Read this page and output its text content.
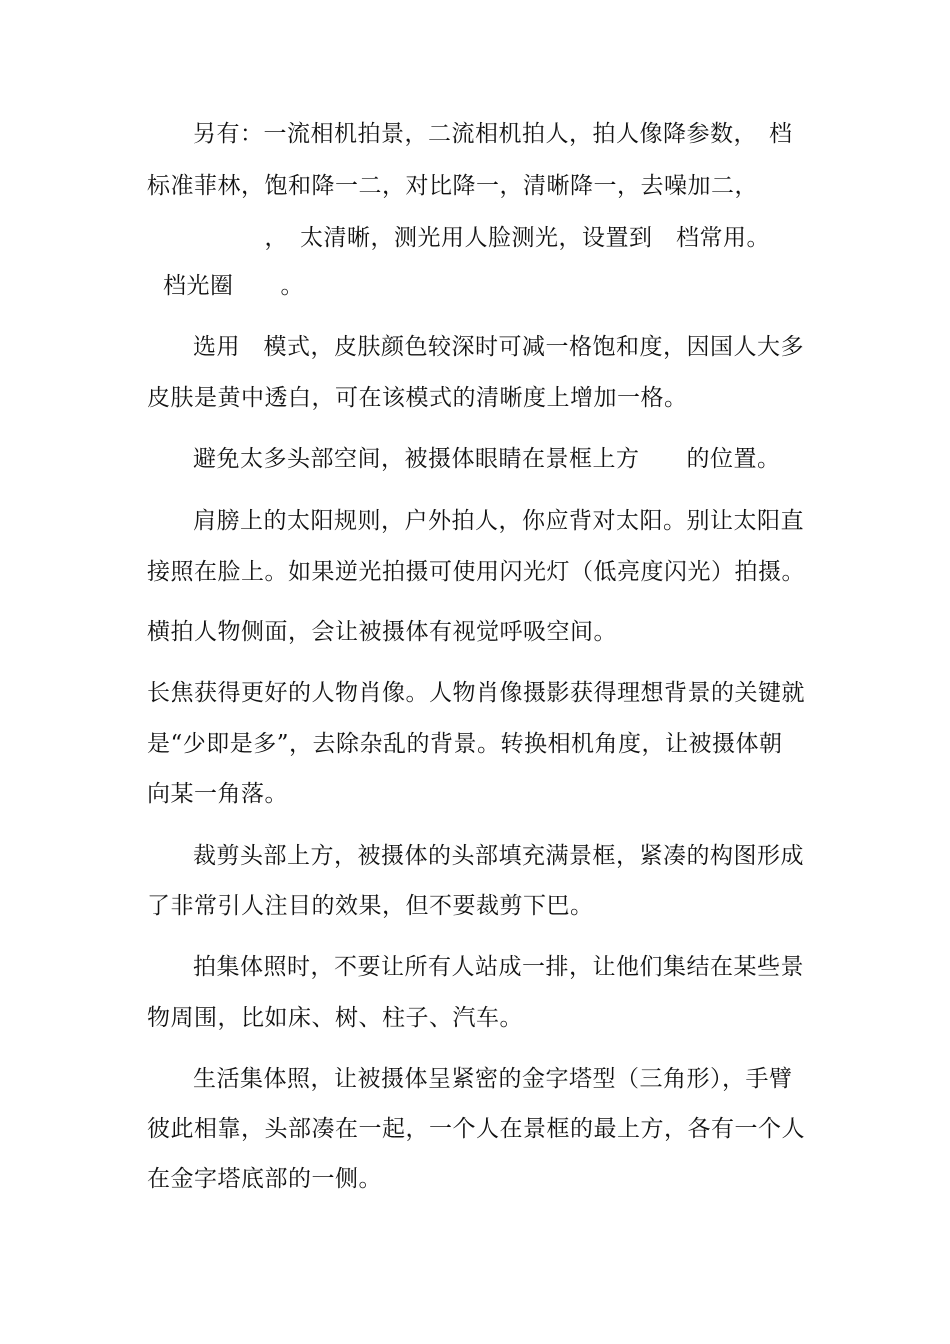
另有：一流相机拍景，二流相机拍人，拍人像降参数，　档
标准菲林，饱和降一二，对比降一，清晰降一，去噪加二，
　　　　　，　太清晰，测光用人脸测光，设置到　档常用。
档光圈　　。
选用　模式，皮肤颜色较深时可减一格饱和度，因国人大多
皮肤是黄中透白，可在该模式的清晰度上增加一格。
避免太多头部空间，被摄体眼睛在景框上方　　的位置。
肩膀上的太阳规则，户外拍人，你应背对太阳。别让太阳直
接照在脸上。如果逆光拍摄可使用闪光灯（低亮度闪光）拍摄。
横拍人物侧面，会让被摄体有视觉呼吸空间。
长焦获得更好的人物肖像。人物肖像摄影获得理想背景的关键就
是“少即是多”，去除杂乱的背景。转换相机角度，让被摄体朝
向某一角落。
裁剪头部上方，被摄体的头部填充满景框，紧凑的构图形成
了非常引人注目的效果，但不要裁剪下巴。
拍集体照时，不要让所有人站成一排，让他们集结在某些景
物周围，比如床、树、柱子、汽车。
生活集体照，让被摄体呈紧密的金字塔型（三角形），手臂
彼此相靠，头部凑在一起，一个人在景框的最上方，各有一个人
在金字塔底部的一侧。
